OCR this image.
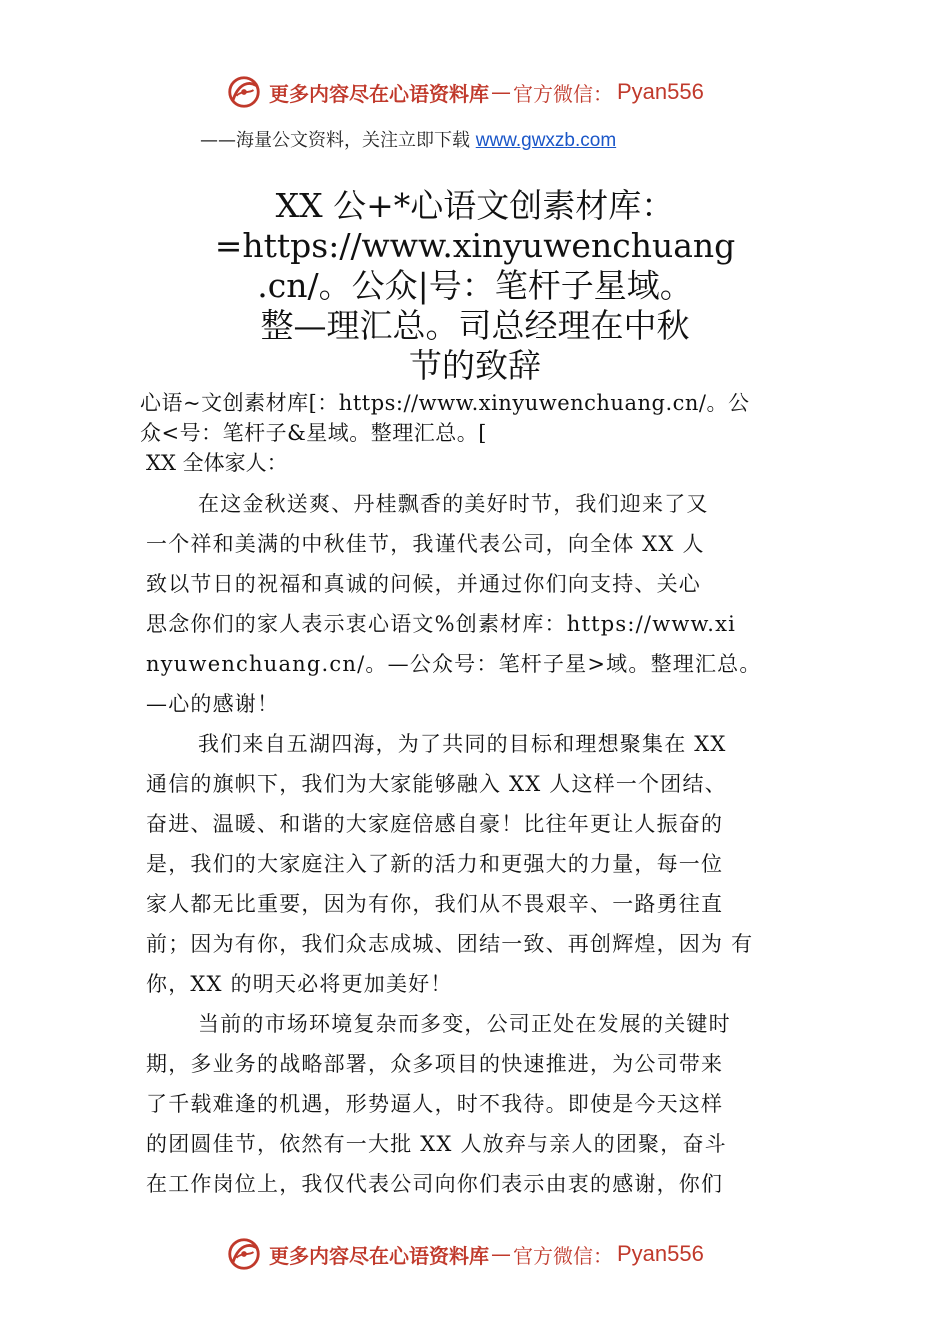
更多内容尽在心语资料库 — 官方微信： Pyan556
——海量公文资料，关注立即下载 www.gwxzb.com
XX 公+*心语文创素材库：
=https://www.xinyuwenchuang
.cn/。公众|号：笔杆子星域。
整—理汇总。司总经理在中秋
节的致辞
心语~文创素材库[：https://www.xinyuwenchuang.cn/。公
众<号：笔杆子&星域。整理汇总。[
XX 全体家人：
在这金秋送爽、丹桂飘香的美好时节，我们迎来了又
一个祥和美满的中秋佳节，我谨代表公司，向全体 XX 人
致以节日的祝福和真诚的问候，并通过你们向支持、关心
思念你们的家人表示衷心语文%创素材库：https://www.xi
nyuwenchuang.cn/。—公众号：笔杆子星>域。整理汇总。
—心的感谢！
我们来自五湖四海，为了共同的目标和理想聚集在 XX
通信的旗帜下，我们为大家能够融入 XX 人这样一个团结、
奋进、温暖、和谐的大家庭倍感自豪！比往年更让人振奋的
是，我们的大家庭注入了新的活力和更强大的力量，每一位
家人都无比重要，因为有你，我们从不畏艰辛、一路勇往直
前；因为有你，我们众志成城、团结一致、再创辉煌，因为 有
你，XX 的明天必将更加美好！
当前的市场环境复杂而多变，公司正处在发展的关键时
期，多业务的战略部署，众多项目的快速推进，为公司带来
了千载难逢的机遇，形势逼人，时不我待。即使是今天这样
的团圆佳节，依然有一大批 XX 人放弃与亲人的团聚，奋斗
在工作岗位上，我仅代表公司向你们表示由衷的感谢，你们
更多内容尽在心语资料库 — 官方微信： Pyan556
